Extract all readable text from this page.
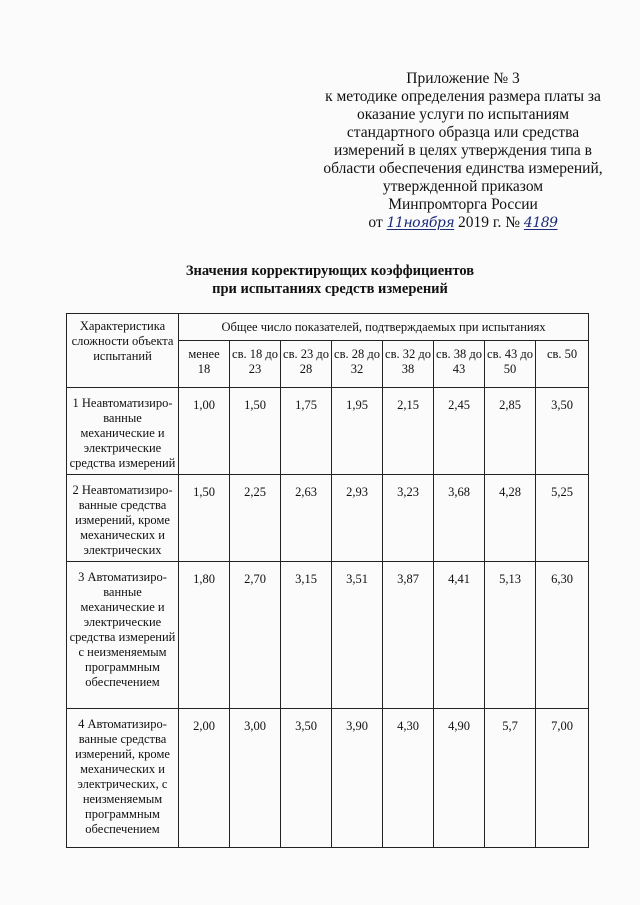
Приложение № 3
к методике определения размера платы за
оказание услуги по испытаниям
стандартного образца или средства
измерений в целях утверждения типа в
области обеспечения единства измерений,
утвержденной приказом
Минпромторга России
от 11ноября 2019 г. № 4189
Значения корректирующих коэффициентов
при испытаниях средств измерений
Характеристика сложности объекта испытаний	Общее число показателей, подтверждаемых при испытаниях							
	менее 18	св. 18 до 23	св. 23 до 28	св. 28 до 32	св. 32 до 38	св. 38 до 43	св. 43 до 50	св. 50
1 Неавтоматизиро-ванные механические и электрические средства измерений	1,00	1,50	1,75	1,95	2,15	2,45	2,85	3,50
2 Неавтоматизиро-ванные средства измерений, кроме механических и электрических	1,50	2,25	2,63	2,93	3,23	3,68	4,28	5,25
3 Автоматизиро-ванные механические и электрические средства измерений с неизменяемым программным обеспечением	1,80	2,70	3,15	3,51	3,87	4,41	5,13	6,30
4 Автоматизиро-ванные средства измерений, кроме механических и электрических, с неизменяемым программным обеспечением	2,00	3,00	3,50	3,90	4,30	4,90	5,7	7,00
